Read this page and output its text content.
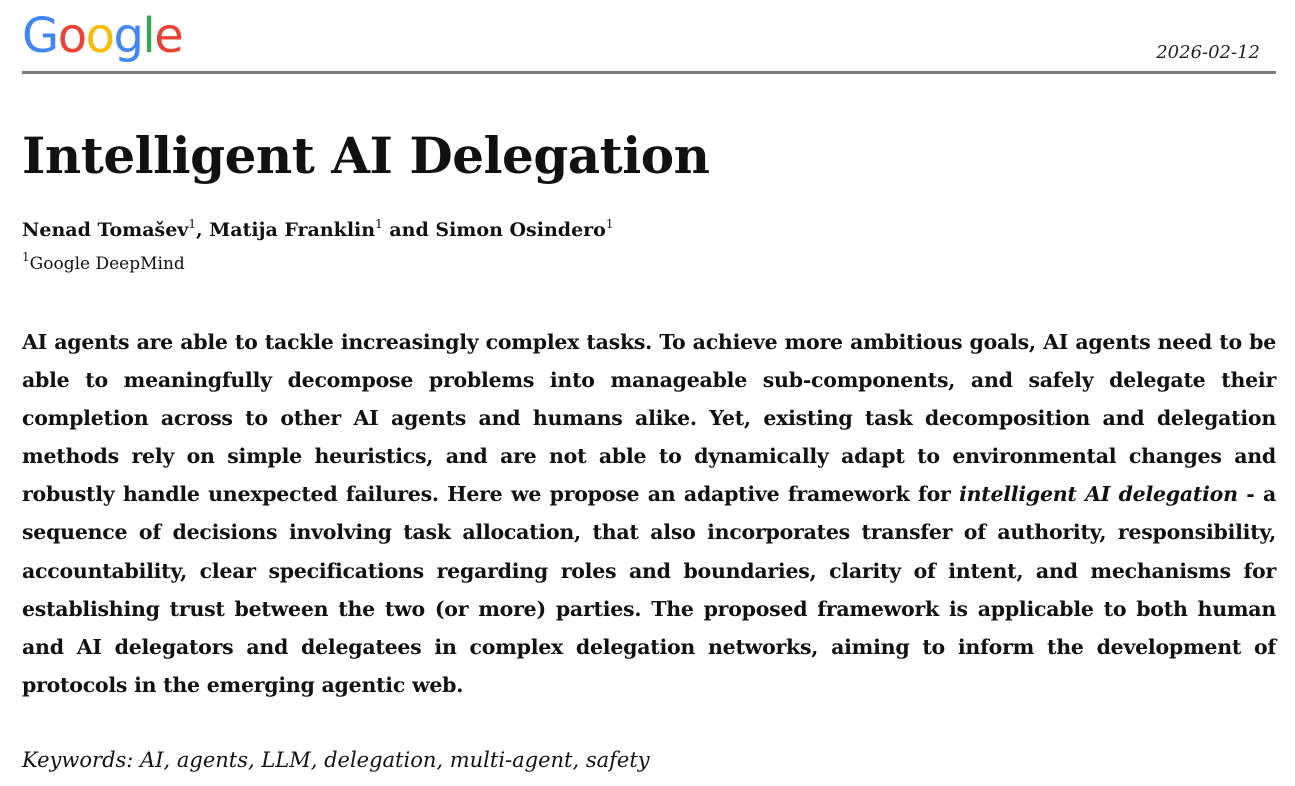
Google	2026-02-12
Intelligent AI Delegation
Nenad Tomašev$^1$, Matija Franklin$^1$ and Simon Osindero$^1$
$^1$Google DeepMind

AI agents are able to tackle increasingly complex tasks. To achieve more ambitious goals, AI agents need to be able to meaningfully decompose problems into manageable sub-components, and safely delegate their completion across to other AI agents and humans alike. Yet, existing task decomposition and delegation methods rely on simple heuristics, and are not able to dynamically adapt to environmental changes and robustly handle unexpected failures. Here we propose an adaptive framework for intelligent AI delegation - a sequence of decisions involving task allocation, that also incorporates transfer of authority, responsibility, accountability, clear specifications regarding roles and boundaries, clarity of intent, and mechanisms for establishing trust between the two (or more) parties. The proposed framework is applicable to both human and AI delegators and delegatees in complex delegation networks, aiming to inform the development of protocols in the emerging agentic web.

Keywords: AI, agents, LLM, delegation, multi-agent, safety
